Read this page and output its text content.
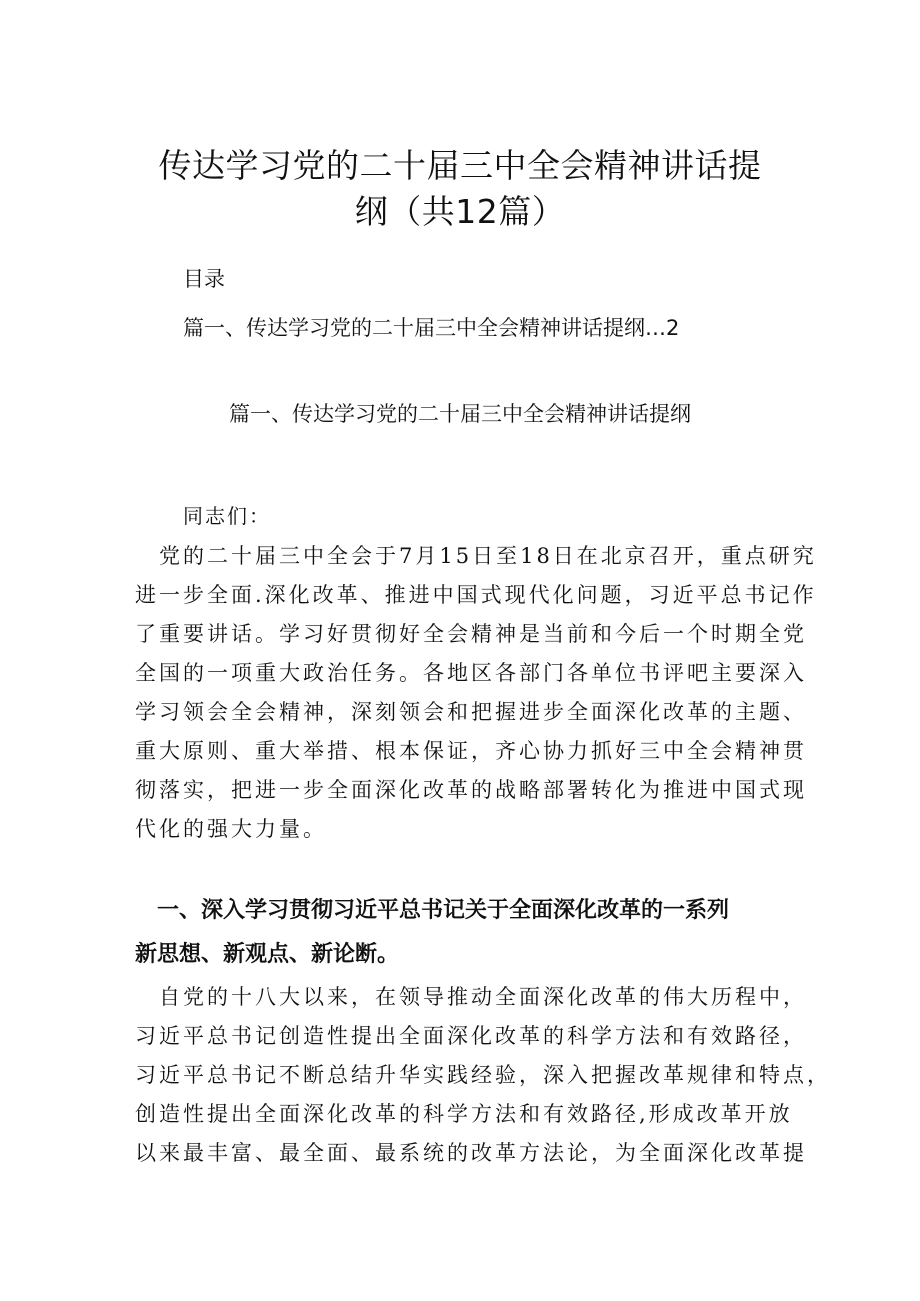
传达学习党的二十届三中全会精神讲话提
纲（共12篇）
目录
篇一、传达学习党的二十届三中全会精神讲话提纲…2
篇一、传达学习党的二十届三中全会精神讲话提纲
同志们：
　党的二十届三中全会于7月15日至18日在北京召开，重点研究
进一步全面.深化改革、推进中国式现代化问题，习近平总书记作
了重要讲话。学习好贯彻好全会精神是当前和今后一个时期全党
全国的一项重大政治任务。各地区各部门各单位书评吧主要深入
学习领会全会精神，深刻领会和把握进步全面深化改革的主题、
重大原则、重大举措、根本保证，齐心协力抓好三中全会精神贯
彻落实，把进一步全面深化改革的战略部署转化为推进中国式现
代化的强大力量。
　一、深入学习贯彻习近平总书记关于全面深化改革的一系列
新思想、新观点、新论断。
　自党的十八大以来，在领导推动全面深化改革的伟大历程中，
习近平总书记创造性提出全面深化改革的科学方法和有效路径，
习近平总书记不断总结升华实践经验，深入把握改革规律和特点，
创造性提出全面深化改革的科学方法和有效路径,形成改革开放
以来最丰富、最全面、最系统的改革方法论，为全面深化改革提
